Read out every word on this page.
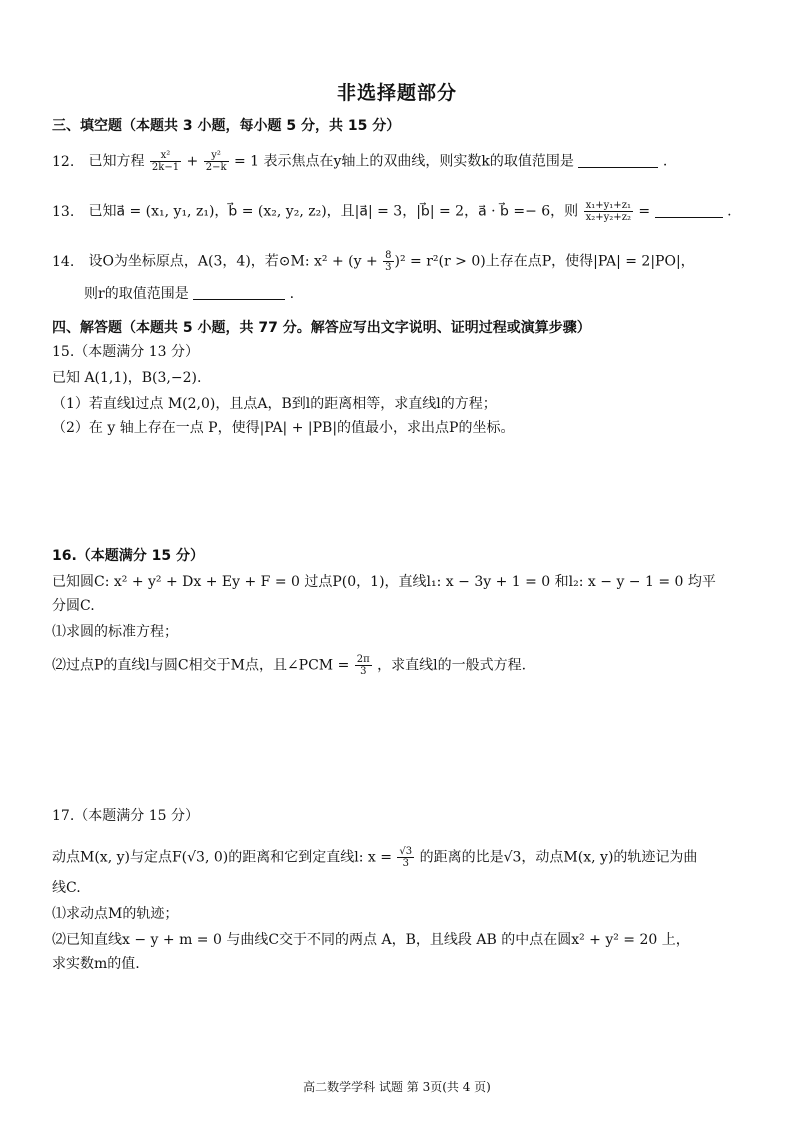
非选择题部分
三、填空题（本题共 3 小题，每小题 5 分，共 15 分）
12. 已知方程 $\frac{\text{x²}}{2k-1} + \frac{\text{y²}}{2-k} = 1$ 表示焦点在y轴上的双曲线，则实数k的取值范围是	.
13. 已知a⃗ = (x₁, y₁, z₁)，b⃗ = (x₂, y₂, z₂)，且|a⃗| = 3，|b⃗| = 2，a⃗ · b⃗ =− 6，则 $\frac{\text{x₁+y₁+z₁}}{\text{x₂+y₂+z₂}}$ =	.
14. 设O为坐标原点，A(3，4)，若⊙M: $x^2 + (y + \frac{8}{3} )^2 = r^2(r > 0)$上存在点P，使得|PA| = 2|PO|，
则r的取值范围是	.
四、解答题（本题共 5 小题，共 77 分。解答应写出文字说明、证明过程或演算步骤）
15.（本题满分 13 分）
已知 A(1,1)，B(3,−2).
（1）若直线l过点 M(2,0)，且点A，B到l的距离相等，求直线l的方程；
（2）在 y 轴上存在一点 P，使得|PA| + |PB|的值最小，求出点P的坐标。
16.（本题满分 15 分）
已知圆C: x² + y² + Dx + Ey + F = 0 过点P(0，1)，直线l₁: x − 3y + 1 = 0 和l₂: x − y − 1 = 0 均平
分圆C.
⑴求圆的标准方程；
⑵过点P的直线l与圆C相交于M点，且∠PCM = $\frac{2\pi}{3}$ ，求直线l的一般式方程.
17.（本题满分 15 分）
动点M(x, y)与定点F(√3, 0)的距离和它到定直线l: $x = \frac{√3}{3}$ 的距离的比是√3，动点M(x, y)的轨迹记为曲
线C.
⑴求动点M的轨迹；
⑵已知直线x − y + m = 0 与曲线C交于不同的两点 A，B，且线段 AB 的中点在圆x² + y² = 20 上，
求实数m的值.
高二数学学科 试题 第 3页(共 4 页)
